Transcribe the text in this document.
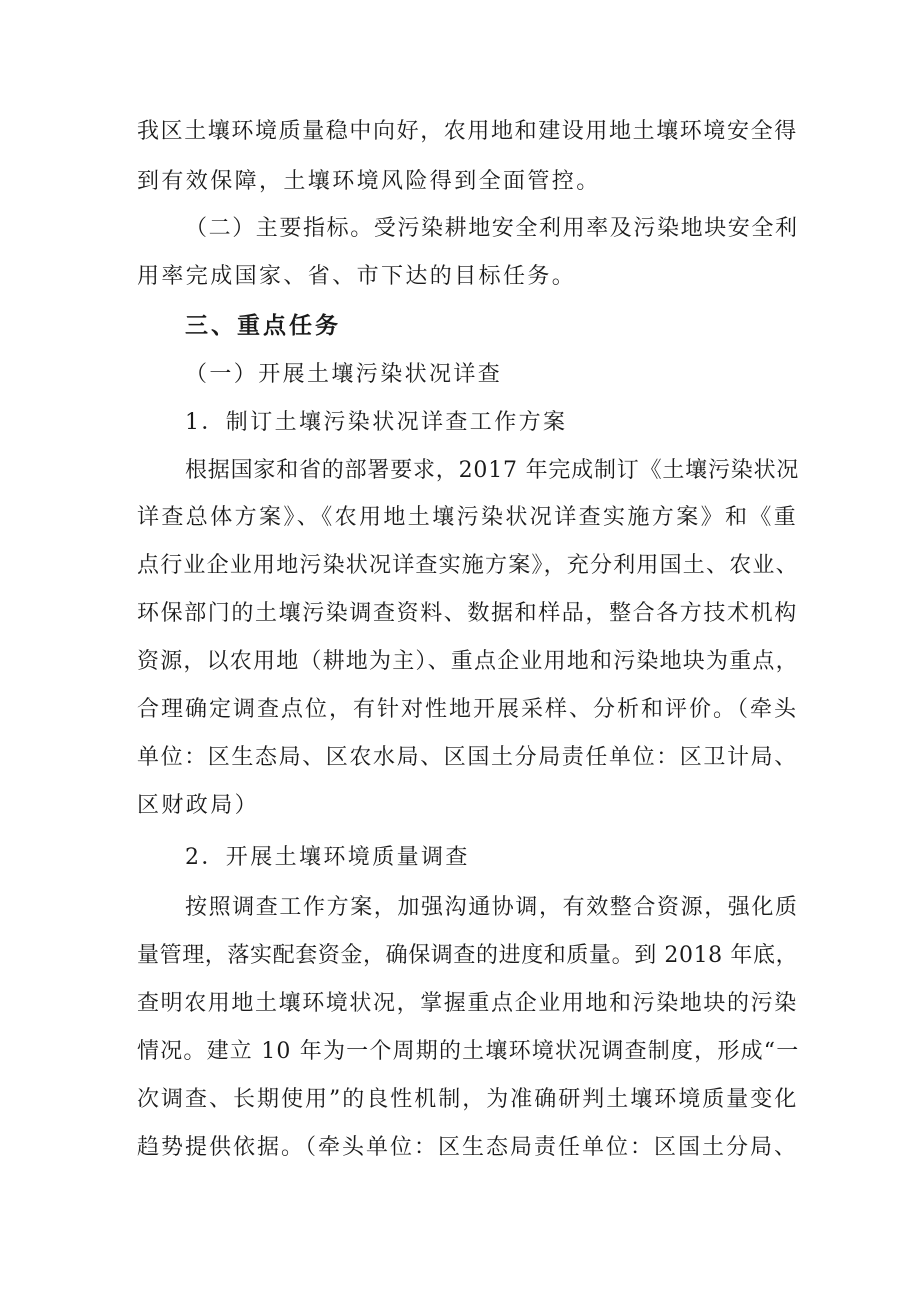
我区土壤环境质量稳中向好，农用地和建设用地土壤环境安全得
到有效保障，土壤环境风险得到全面管控。
（二）主要指标。受污染耕地安全利用率及污染地块安全利
用率完成国家、省、市下达的目标任务。
三、重点任务
（一）开展土壤污染状况详查
1．制订土壤污染状况详查工作方案
根据国家和省的部署要求，2017 年完成制订《土壤污染状况
详查总体方案》、《农用地土壤污染状况详查实施方案》和《重
点行业企业用地污染状况详查实施方案》，充分利用国土、农业、
环保部门的土壤污染调查资料、数据和样品，整合各方技术机构
资源，以农用地（耕地为主）、重点企业用地和污染地块为重点，
合理确定调查点位，有针对性地开展采样、分析和评价。（牵头
单位：区生态局、区农水局、区国土分局责任单位：区卫计局、
区财政局）
2．开展土壤环境质量调查
按照调查工作方案，加强沟通协调，有效整合资源，强化质
量管理，落实配套资金，确保调查的进度和质量。到 2018 年底，
查明农用地土壤环境状况，掌握重点企业用地和污染地块的污染
情况。建立 10 年为一个周期的土壤环境状况调查制度，形成“一
次调查、长期使用”的良性机制，为准确研判土壤环境质量变化
趋势提供依据。（牵头单位：区生态局责任单位：区国土分局、
